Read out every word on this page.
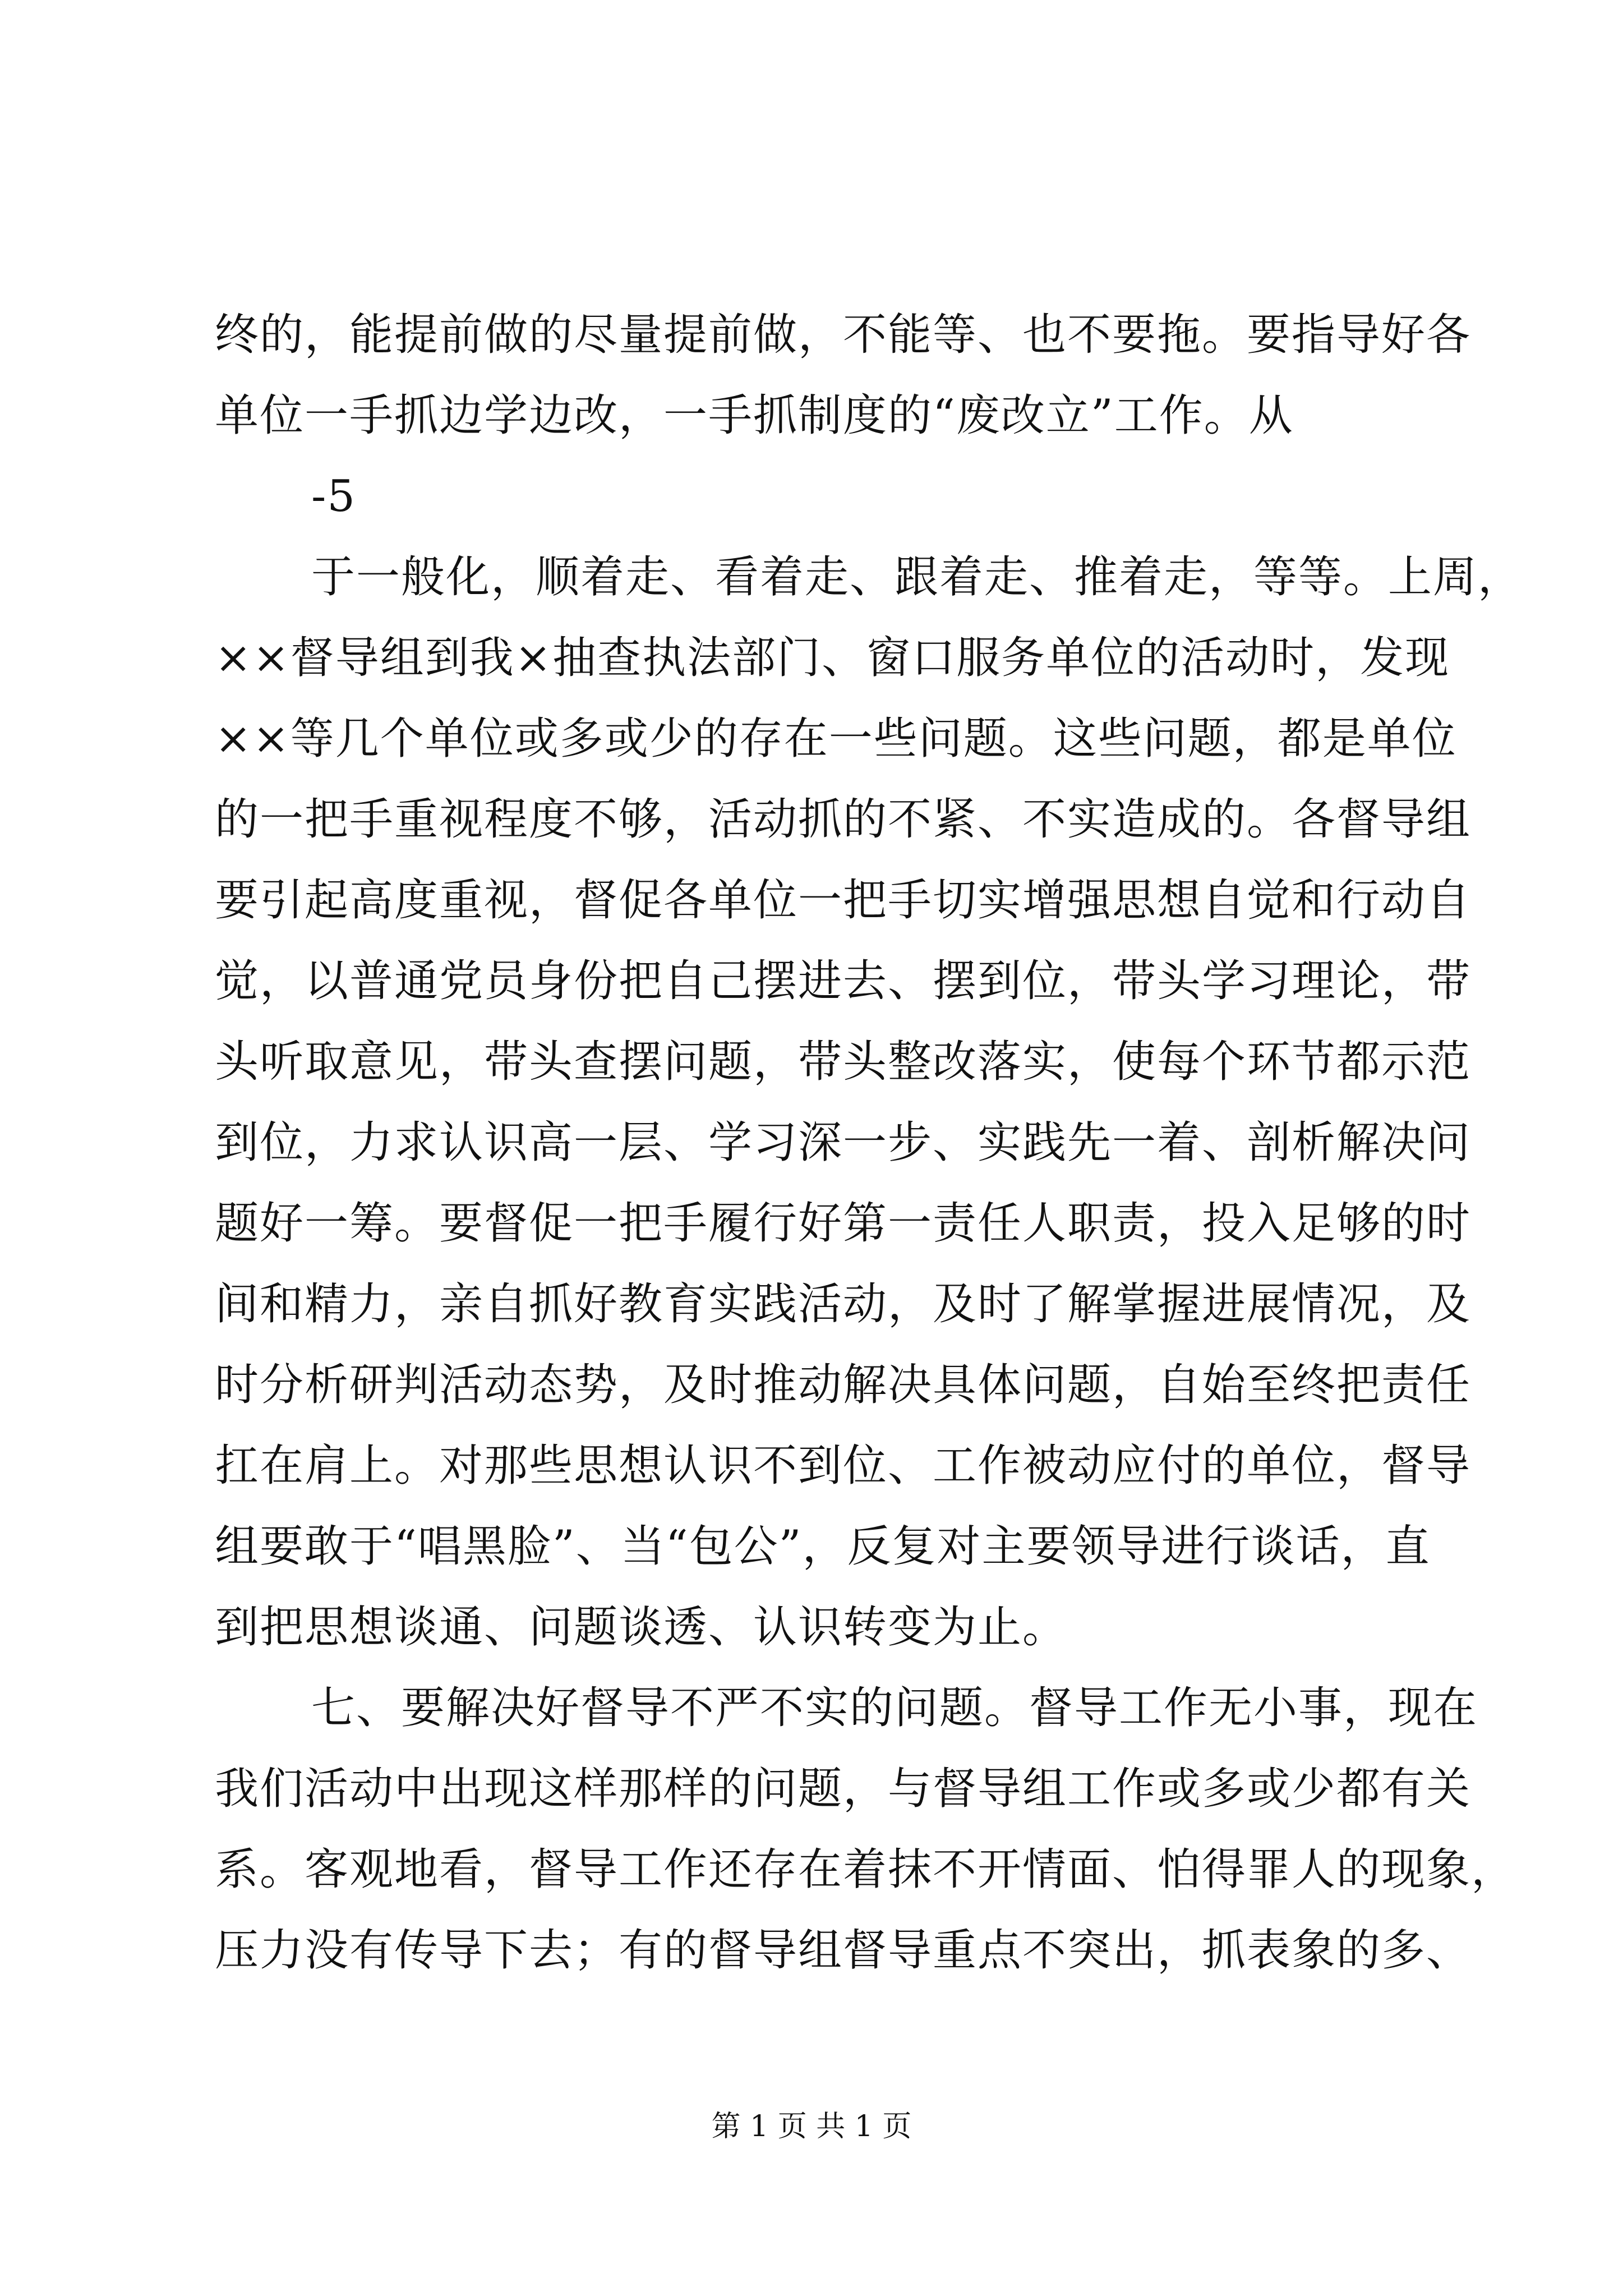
终的，能提前做的尽量提前做，不能等、也不要拖。要指导好各
单位一手抓边学边改，一手抓制度的“废改立”工作。从
-5
于一般化，顺着走、看着走、跟着走、推着走，等等。上周，
××督导组到我×抽查执法部门、窗口服务单位的活动时，发现
××等几个单位或多或少的存在一些问题。这些问题，都是单位
的一把手重视程度不够，活动抓的不紧、不实造成的。各督导组
要引起高度重视，督促各单位一把手切实增强思想自觉和行动自
觉，以普通党员身份把自己摆进去、摆到位，带头学习理论，带
头听取意见，带头查摆问题，带头整改落实，使每个环节都示范
到位，力求认识高一层、学习深一步、实践先一着、剖析解决问
题好一筹。要督促一把手履行好第一责任人职责，投入足够的时
间和精力，亲自抓好教育实践活动，及时了解掌握进展情况，及
时分析研判活动态势，及时推动解决具体问题，自始至终把责任
扛在肩上。对那些思想认识不到位、工作被动应付的单位，督导
组要敢于“唱黑脸”、当“包公”，反复对主要领导进行谈话，直
到把思想谈通、问题谈透、认识转变为止。
七、要解决好督导不严不实的问题。督导工作无小事，现在
我们活动中出现这样那样的问题，与督导组工作或多或少都有关
系。客观地看，督导工作还存在着抹不开情面、怕得罪人的现象，
压力没有传导下去；有的督导组督导重点不突出，抓表象的多、
第 1 页 共 1 页
